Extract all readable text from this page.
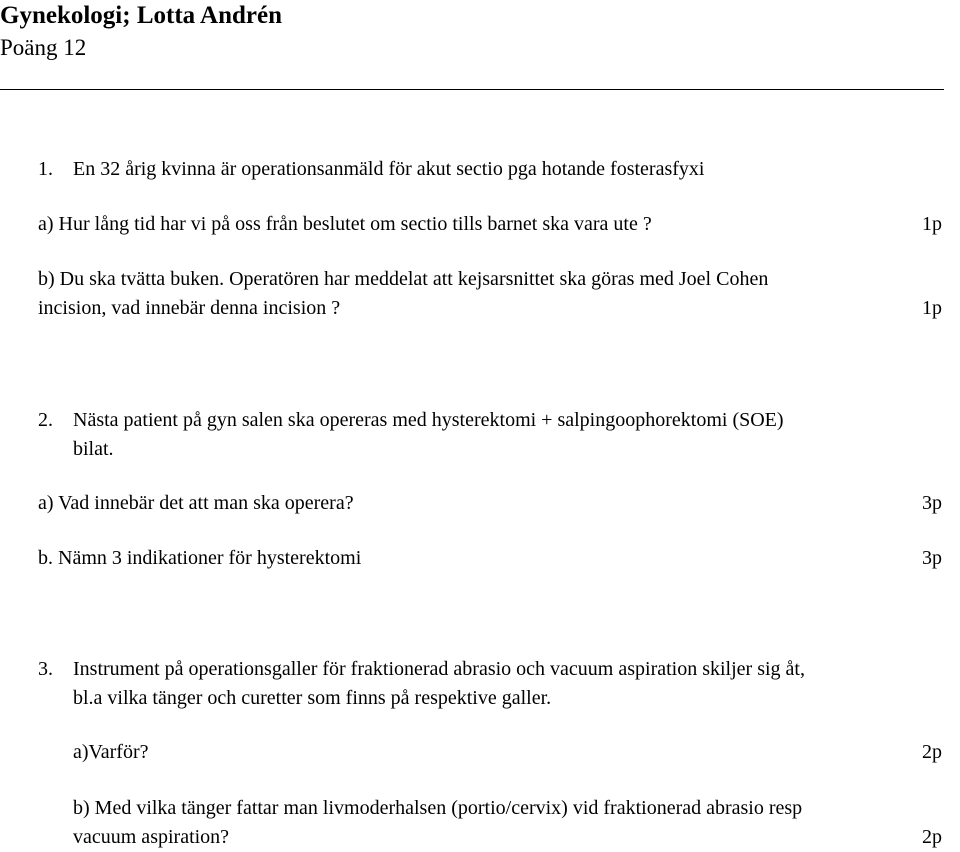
Gynekologi; Lotta Andrén
Poäng 12
1. En 32 årig kvinna är operationsanmäld för akut sectio pga hotande fosterasfyxi
a) Hur lång tid har vi på oss från beslutet om sectio tills barnet ska vara ute ?	1p
b) Du ska tvätta buken. Operatören har meddelat att kejsarsnittet ska göras med Joel Cohen
incision, vad innebär denna incision ?	1p
2. Nästa patient på gyn salen ska opereras med hysterektomi + salpingoophorektomi (SOE)
bilat.
a) Vad innebär det att man ska operera?	3p
b. Nämn 3 indikationer för hysterektomi	3p
3. Instrument på operationsgaller för fraktionerad abrasio och vacuum aspiration skiljer sig åt,
bl.a vilka tänger och curetter som finns på respektive galler.
a)Varför?	2p
b) Med vilka tänger fattar man livmoderhalsen (portio/cervix) vid fraktionerad abrasio resp
vacuum aspiration?	2p
